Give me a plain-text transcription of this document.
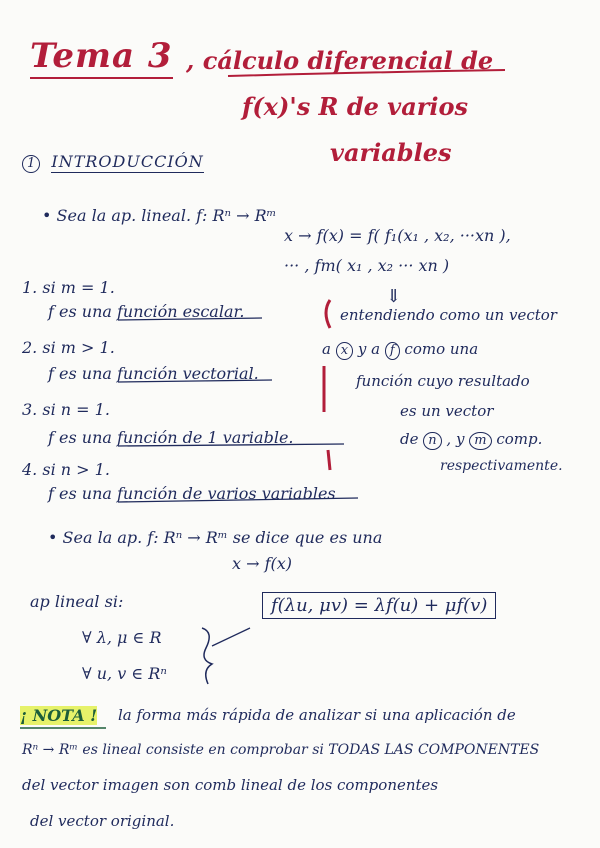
Tema 3 , cálculo diferencial de
f(x)'s R de varios
variables
1 INTRODUCCIÓN
• Sea la ap. lineal. f: Rⁿ → Rᵐ
x → f(x) = f( f₁(x₁ , x₂, ···xn ),
··· , fm( x₁ , x₂ ··· xn )
1. si m = 1.
f es una función escalar.
2. si m > 1.
f es una función vectorial.
3. si n = 1.
f es una función de 1 variable.
4. si n > 1.
f es una función de varios variables
⇓
entendiendo como un vector
a x y a f como una
función cuyo resultado
es un vector
de n , y m comp.
respectivamente.
• Sea la ap. f: Rⁿ → Rᵐ se dice que es una
x → f(x)
ap lineal si:	f(λu, μv) = λf(u) + μf(v)
∀ λ, μ ∈ R
∀ u, v ∈ Rⁿ
¡ NOTA ! la forma más rápida de analizar si una aplicación de
Rⁿ → Rᵐ es lineal consiste en comprobar si TODAS LAS COMPONENTES
del vector imagen son comb lineal de los componentes
del vector original.
